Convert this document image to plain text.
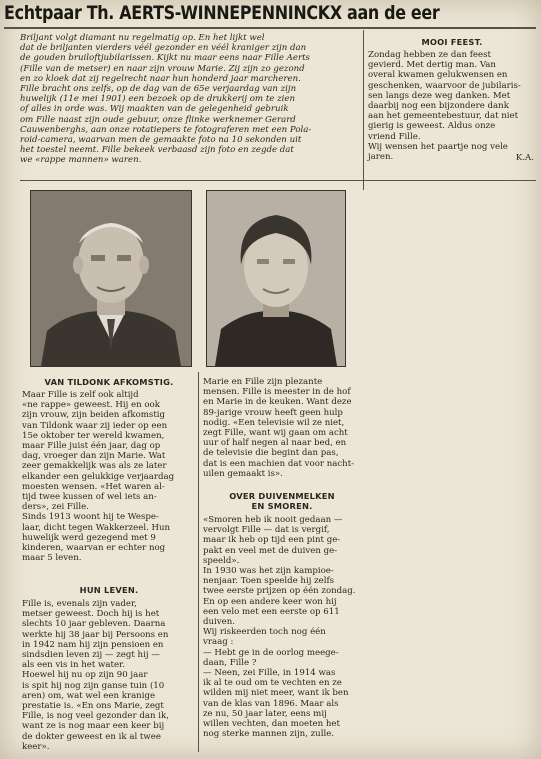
Echtpaar Th. AERTS-WINNEPENNINCKX aan de eer

Briljant volgt diamant nu regelmatig op. En het lijkt wel
dat de briljanten vierders véél gezonder en véél kraniger zijn dan
de gouden bruiloftjubilarissen. Kijkt nu maar eens naar Fille Aerts
(Fille van de metser) en naar zijn vrouw Marie. Zij zijn zo gezond
en zo kloek dat zij regelrecht naar hun honderd jaar marcheren.
Fille bracht ons zelfs, op de dag van de 65e verjaardag van zijn
huwelijk (11e mei 1901) een bezoek op de drukkerij om te zien
of alles in orde was. Wij maakten van de gelegenheid gebruik
om Fille naast zijn oude gebuur, onze flinke werknemer Gerard
Cauwenberghs, aan onze rotatiepers te fotograferen met een Pola-
roid-camera, waarvan men de gemaakte foto na 10 sekonden uit
het toestel neemt. Fille bekeek verbaasd zijn foto en zegde dat
we «rappe mannen» waren.

MOOI FEEST.

Zondag hebben ze dan feest
gevierd. Met dertig man. Van
overal kwamen gelukwensen en
geschenken, waarvoor de jubilaris-
sen langs deze weg danken. Met
daarbij nog een bijzondere dank
aan het gemeentebestuur, dat niet
gierig is geweest. Aldus onze
vriend Fille.
Wij wensen het paartje nog vele
jaren.	K.A.

VAN TILDONK AFKOMSTIG.

Maar Fille is zelf ook altijd
«ne rappe» geweest. Hij en ook
zijn vrouw, zijn beiden afkomstig
van Tildonk waar zij ieder op een
15e oktober ter wereld kwamen,
maar Fille juist één jaar, dag op
dag, vroeger dan zijn Marie. Wat
zeer gemakkelijk was als ze later
elkander een gelukkige verjaardag
moesten wensen. «Het waren al-
tijd twee kussen of wel iets an-
ders», zei Fille.
Sinds 1913 woont hij te Wespe-
laar, dicht tegen Wakkerzeel. Hun
huwelijk werd gezegend met 9
kinderen, waarvan er echter nog
maar 5 leven.

HUN LEVEN.

Fille is, evenals zijn vader,
metser geweest. Doch hij is het
slechts 10 jaar gebleven. Daarna
werkte hij 38 jaar bij Persoons en
in 1942 nam hij zijn pensioen en
sindsdien leven zij — zegt hij —
als een vis in het water.
Hoewel hij nu op zijn 90 jaar
is spit hij nog zijn ganse tuin (10
aren) om, wat wel een kranige
prestatie is. «En ons Marie, zegt
Fille, is nog veel gezonder dan ik,
want ze is nog maar een keer bij
de dokter geweest en ik al twee
keer».

Marie en Fille zijn plezante
mensen. Fille is meester in de hof
en Marie in de keuken. Want deze
89-jarige vrouw heeft geen hulp
nodig. «Een televisie wil ze niet,
zegt Fille, want wij gaan om acht
uur of half negen al naar bed, en
de televisie die begint dan pas,
dat is een machien dat voor nacht-
uilen gemaakt is».

OVER DUIVENMELKEN
EN SMOREN.

«Smoren heb ik nooit gedaan —
vervolgt Fille — dat is vergif,
maar ik heb op tijd een pint ge-
pakt en veel met de duiven ge-
speeld».
In 1930 was het zijn kampioe-
nenjaar. Toen speelde hij zelfs
twee eerste prijzen op één zondag.
En op een andere keer won hij
een velo met een eerste op 611
duiven.
Wij riskeerden toch nog één
vraag :
— Hebt ge in de oorlog meege-
daan, Fille ?
— Neen, zei Fille, in 1914 was
ik al te oud om te vechten en ze
wilden mij niet meer, want ik ben
van de klas van 1896. Maar als
ze nu, 50 jaar later, eens mij
willen vechten, dan moeten het
nog sterke mannen zijn, zulle.
